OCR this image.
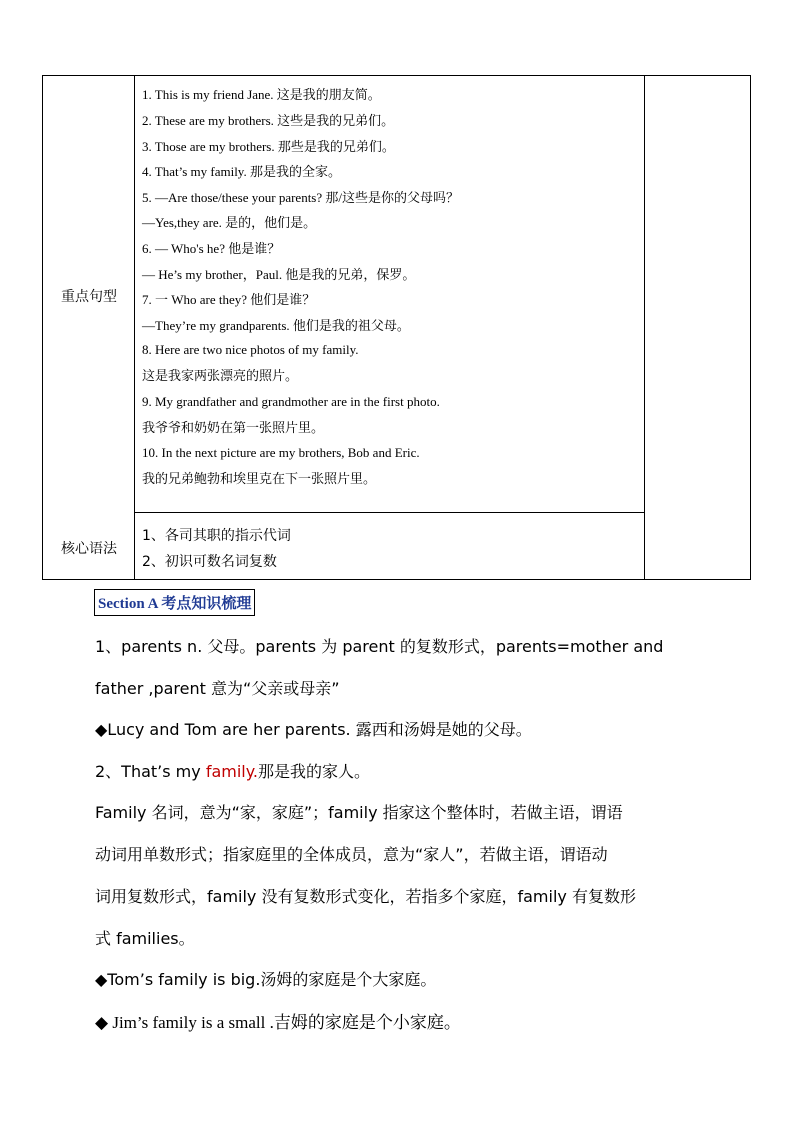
重点句型
1. This is my friend Jane. 这是我的朋友简。
2. These are my brothers. 这些是我的兄弟们。
3. Those are my brothers. 那些是我的兄弟们。
4. That’s my family. 那是我的全家。
5. —Are those/these your parents? 那/这些是你的父母吗？
—Yes,they are. 是的，他们是。
6. — Who's he? 他是谁？
— He’s my brother，Paul. 他是我的兄弟，保罗。
7. 一 Who are they? 他们是谁？
—They’re my grandparents. 他们是我的祖父母。
8. Here are two nice photos of my family.
这是我家两张漂亮的照片。
9. My grandfather and grandmother are in the first photo.
我爷爷和奶奶在第一张照片里。
10. In the next picture are my brothers, Bob and Eric.
我的兄弟鲍勃和埃里克在下一张照片里。
核心语法
1、各司其职的指示代词
2、初识可数名词复数
Section A 考点知识梳理
1、parents n. 父母。parents 为 parent 的复数形式，parents=mother and
father ,parent 意为“父亲或母亲”
◆Lucy and Tom are her parents. 露西和汤姆是她的父母。
2、That’s my family.那是我的家人。
Family 名词，意为“家，家庭”；family 指家这个整体时，若做主语，谓语
动词用单数形式；指家庭里的全体成员，意为“家人”，若做主语，谓语动
词用复数形式，family 没有复数形式变化，若指多个家庭，family 有复数形
式 families。
◆Tom’s family is big.汤姆的家庭是个大家庭。
◆ Jim’s family is a small .吉姆的家庭是个小家庭。
